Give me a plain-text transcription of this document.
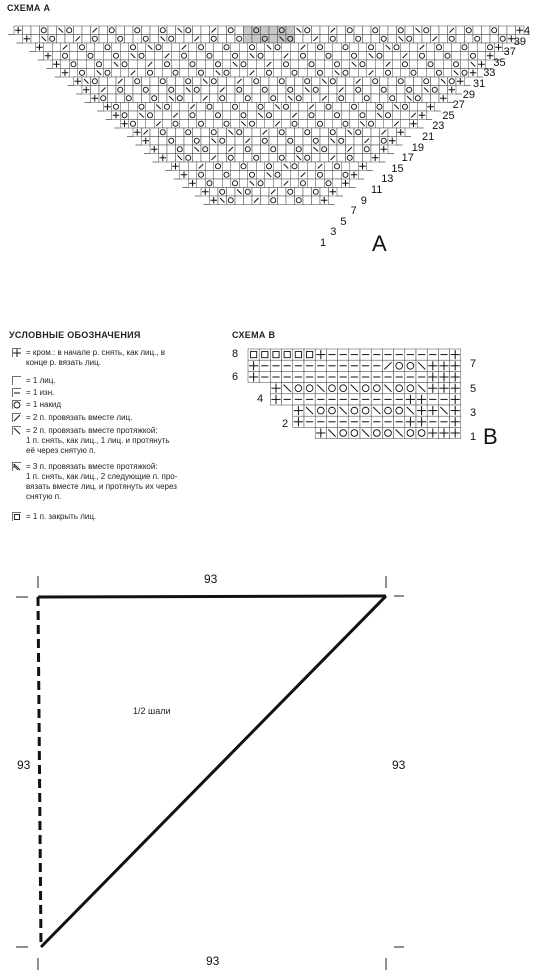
СХЕМА А
A
4
39
37
35
33
31
29
27
25
23
21
19
17
15
13
11
9
7
5
3
1
УСЛОВНЫЕ ОБОЗНАЧЕНИЯ
= кром.: в начале р. снять, как лиц., в
конце р. вязать лиц.
= 1 лиц.
= 1 изн.
= 1 накид
= 2 п. провязать вместе лиц.
= 2 п. провязать вместе протяжкой:
1 п. снять, как лиц., 1 лиц. и протянуть
её через снятую п.
= 3 п. провязать вместе протяжкой:
1 п. снять, как лиц., 2 следующие п. про-
вязать вместе лиц. и протянуть их через
снятую п.
= 1 п. закрыть лиц.
СХЕМА В
B
8
6
4
2
7
5
3
1
93
93	93
93
1/2 шали
